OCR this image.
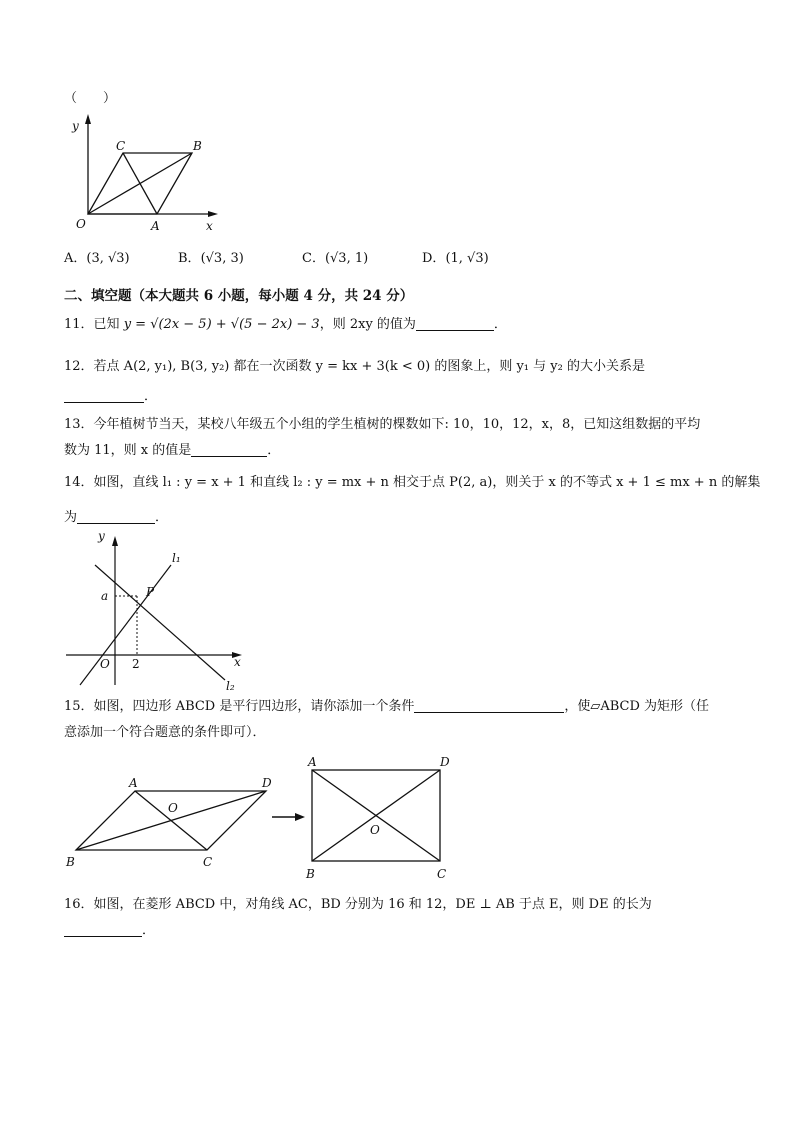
（　　）
y
x
O	A
B
C
A．(3, √3)	B．(√3, 3)	C．(√3, 1)	D．(1, √3)
二、填空题（本大题共 6 小题，每小题 4 分，共 24 分）
11．已知 y = √(2x − 5) + √(5 − 2x) − 3，则 2xy 的值为	．
12．若点 A(2, y₁), B(3, y₂) 都在一次函数 y = kx + 3(k < 0) 的图象上，则 y₁ 与 y₂ 的大小关系是
．
13．今年植树节当天，某校八年级五个小组的学生植树的棵数如下: 10，10，12，x，8，已知这组数据的平均
数为 11，则 x 的值是	．
14．如图，直线 l₁ : y = x + 1 和直线 l₂ : y = mx + n 相交于点 P(2, a)，则关于 x 的不等式 x + 1 ≤ mx + n 的解集
为	．
y
x
O
a
2
P
l₁
l₂
15．如图，四边形 ABCD 是平行四边形，请你添加一个条件	，使▱ABCD 为矩形（任
意添加一个符合题意的条件即可）．
A	D
B	C
O
A	D
B	C
O
16．如图，在菱形 ABCD 中，对角线 AC，BD 分别为 16 和 12，DE ⊥ AB 于点 E，则 DE 的长为
．
